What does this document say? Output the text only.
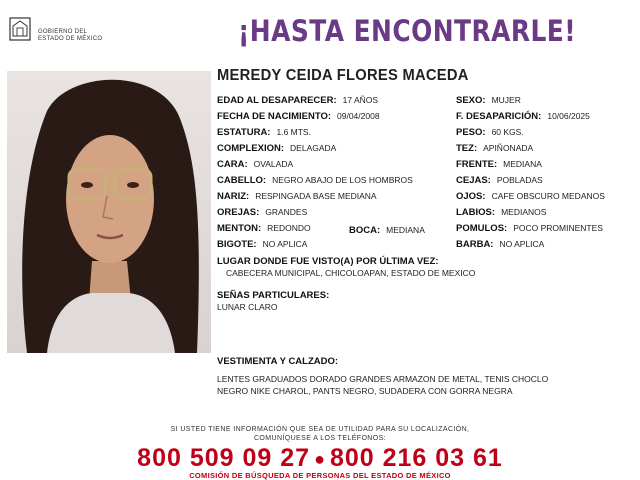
GOBIERNO DEL
ESTADO DE MÉXICO	¡HASTA ENCONTRARLE!
MEREDY CEIDA FLORES MACEDA
EDAD AL DESAPARECER: 17 AÑOS
FECHA DE NACIMIENTO: 09/04/2008
ESTATURA: 1.6 MTS.
COMPLEXION: DELAGADA
CARA: OVALADA
CABELLO: NEGRO ABAJO DE LOS HOMBROS
NARIZ: RESPINGADA BASE MEDIANA
OREJAS: GRANDES
MENTON: REDONDO
BIGOTE: NO APLICA
BOCA: MEDIANA
SEXO: MUJER
F. DESAPARICIÓN: 10/06/2025
PESO: 60 KGS.
TEZ: APIÑONADA
FRENTE: MEDIANA
CEJAS: POBLADAS
OJOS: CAFE OBSCURO MEDANOS
LABIOS: MEDIANOS
POMULOS: POCO PROMINENTES
BARBA: NO APLICA
LUGAR DONDE FUE VISTO(A) POR ÚLTIMA VEZ:
CABECERA MUNICIPAL, CHICOLOAPAN, ESTADO DE MEXICO
SEÑAS PARTICULARES:
LUNAR CLARO
VESTIMENTA Y CALZADO:
LENTES GRADUADOS DORADO GRANDES ARMAZON DE METAL, TENIS CHOCLO
NEGRO NIKE CHAROL, PANTS NEGRO, SUDADERA CON GORRA NEGRA
SI USTED TIENE INFORMACIÓN QUE SEA DE UTILIDAD PARA SU LOCALIZACIÓN,
COMUNÍQUESE A LOS TELÉFONOS:
800 509 09 27 ● 800 216 03 61
COMISIÓN DE BÚSQUEDA DE PERSONAS DEL ESTADO DE MÉXICO
